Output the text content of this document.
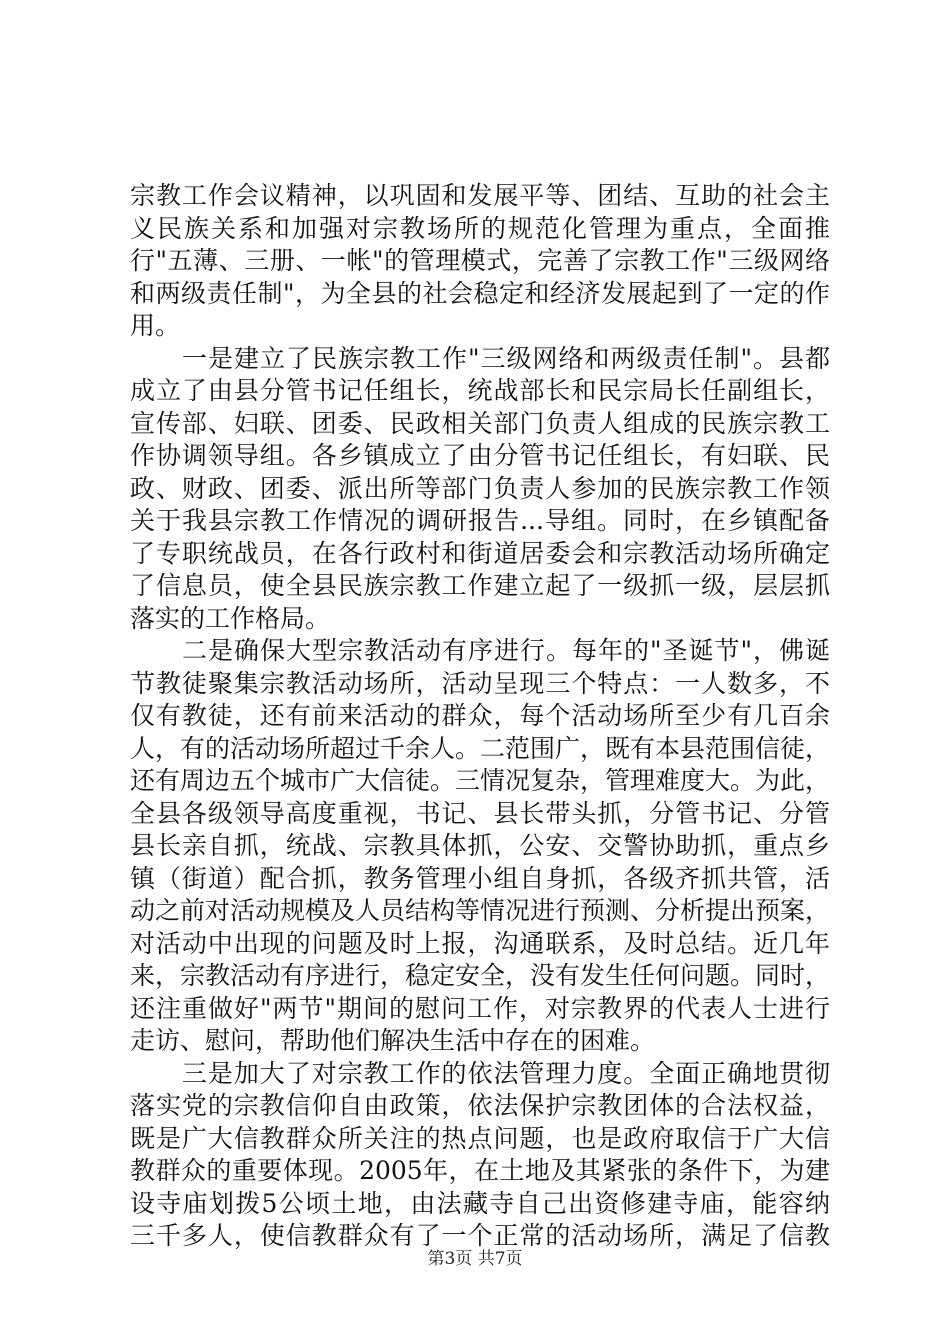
宗教工作会议精神，以巩固和发展平等、团结、互助的社会主
义民族关系和加强对宗教场所的规范化管理为重点，全面推
行"五薄、三册、一帐"的管理模式，完善了宗教工作"三级网络
和两级责任制"，为全县的社会稳定和经济发展起到了一定的作
用。
　　一是建立了民族宗教工作"三级网络和两级责任制"。县都
成立了由县分管书记任组长，统战部长和民宗局长任副组长，
宣传部、妇联、团委、民政相关部门负责人组成的民族宗教工
作协调领导组。各乡镇成立了由分管书记任组长，有妇联、民
政、财政、团委、派出所等部门负责人参加的民族宗教工作领
关于我县宗教工作情况的调研报告...导组。同时，在乡镇配备
了专职统战员，在各行政村和街道居委会和宗教活动场所确定
了信息员，使全县民族宗教工作建立起了一级抓一级，层层抓
落实的工作格局。
　　二是确保大型宗教活动有序进行。每年的"圣诞节"，佛诞
节教徒聚集宗教活动场所，活动呈现三个特点：一人数多，不
仅有教徒，还有前来活动的群众，每个活动场所至少有几百余
人，有的活动场所超过千余人。二范围广，既有本县范围信徒，
还有周边五个城市广大信徒。三情况复杂，管理难度大。为此，
全县各级领导高度重视，书记、县长带头抓，分管书记、分管
县长亲自抓，统战、宗教具体抓，公安、交警协助抓，重点乡
镇（街道）配合抓，教务管理小组自身抓，各级齐抓共管，活
动之前对活动规模及人员结构等情况进行预测、分析提出预案，
对活动中出现的问题及时上报，沟通联系，及时总结。近几年
来，宗教活动有序进行，稳定安全，没有发生任何问题。同时，
还注重做好"两节"期间的慰问工作，对宗教界的代表人士进行
走访、慰问，帮助他们解决生活中存在的困难。
　　三是加大了对宗教工作的依法管理力度。全面正确地贯彻
落实党的宗教信仰自由政策，依法保护宗教团体的合法权益，
既是广大信教群众所关注的热点问题，也是政府取信于广大信
教群众的重要体现。2005年，在土地及其紧张的条件下，为建
设寺庙划拨5公顷土地，由法藏寺自己出资修建寺庙，能容纳
三千多人，使信教群众有了一个正常的活动场所，满足了信教
第3页 共7页
